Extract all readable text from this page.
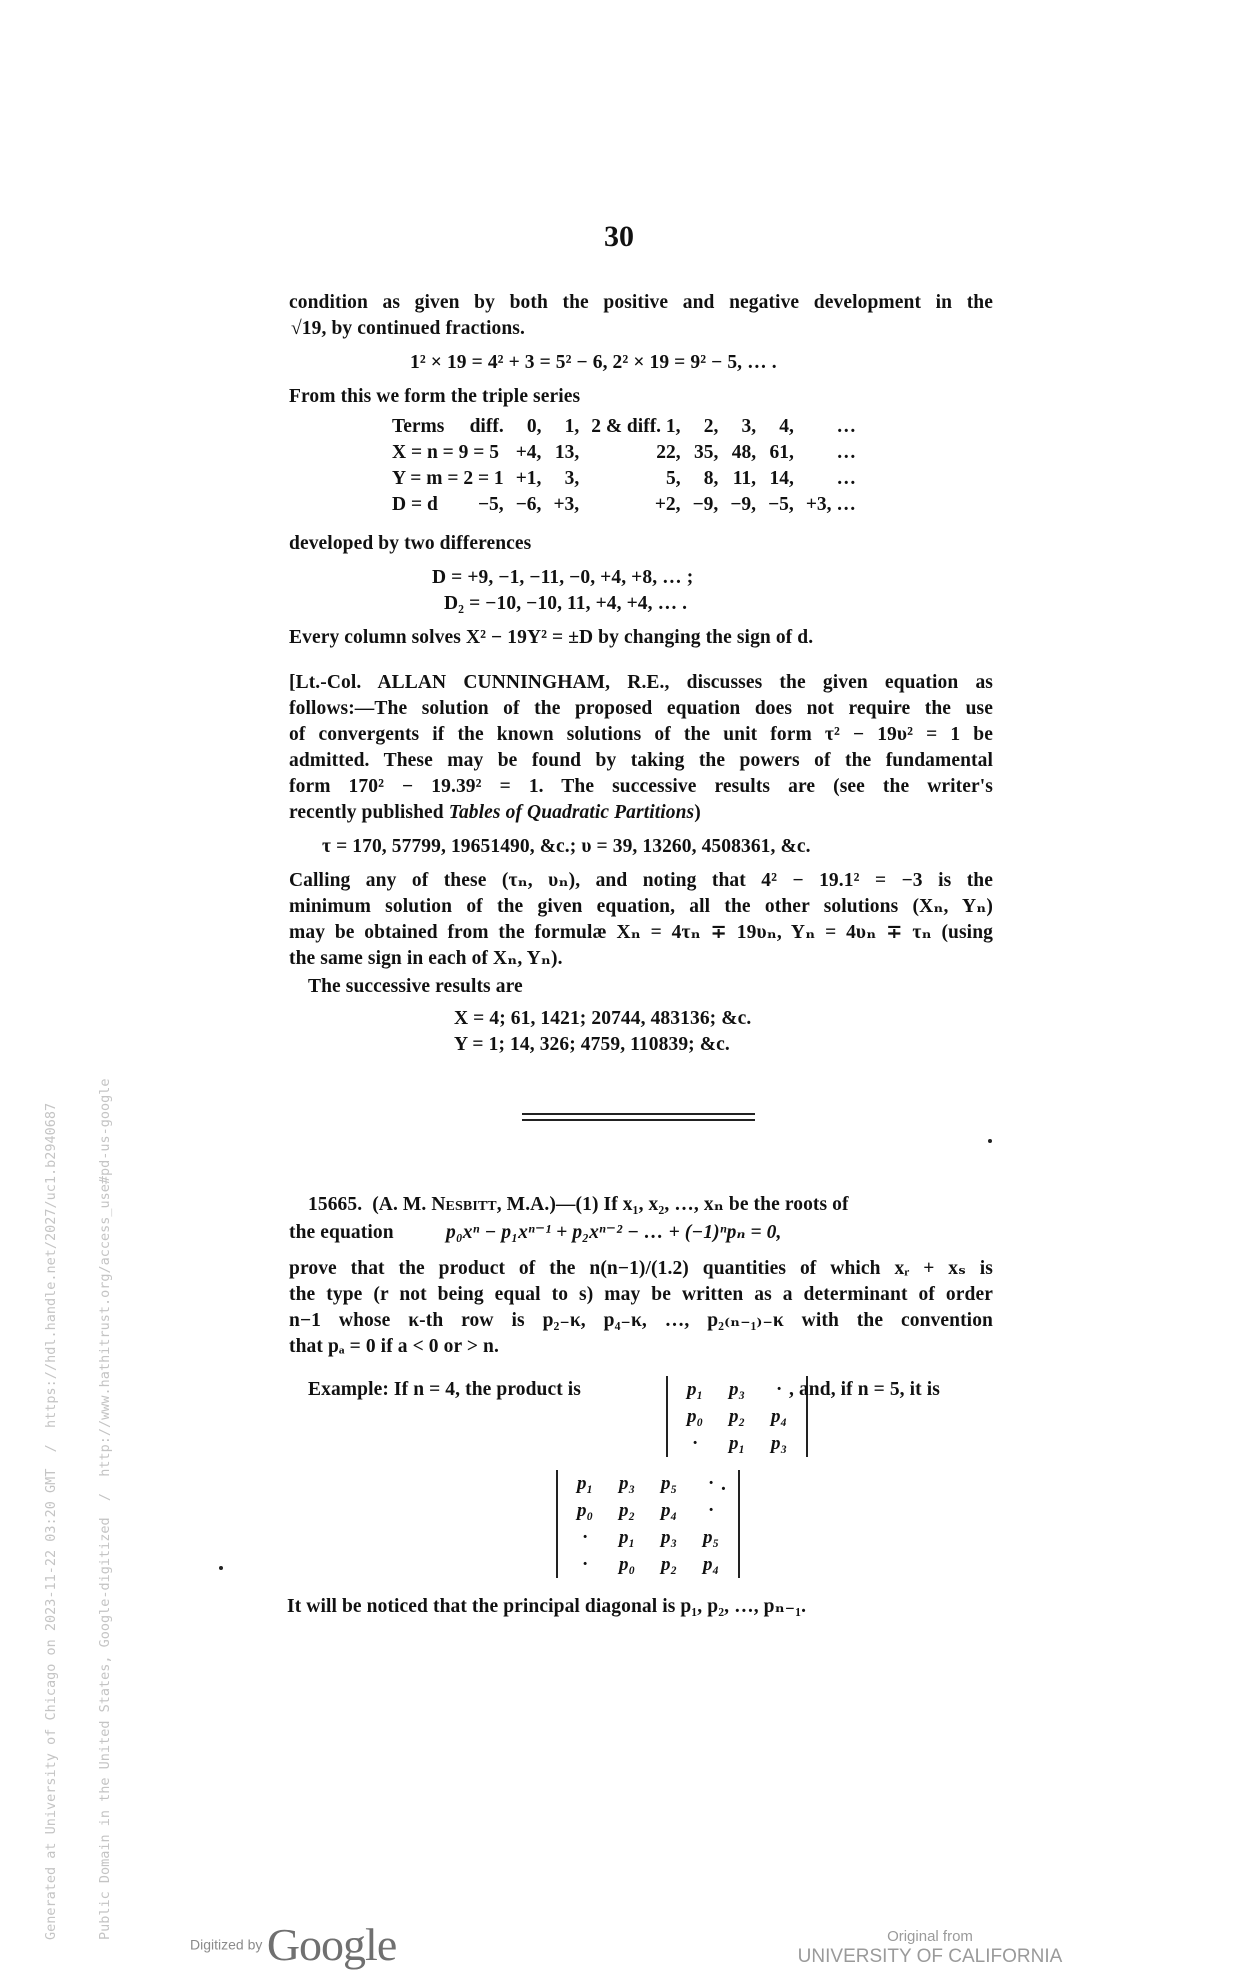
30
condition as given by both the positive and negative development in the
√19, by continued fractions.
1² × 19 = 4² + 3 = 5² − 6, 2² × 19 = 9² − 5, … .
From this we form the triple series
Terms	diff.	0,	1,	2 & diff. 1,	2,	3,	4,	…
X = n = 9 = 5		+4,	13,	22,	35,	48,	61,	…
Y = m = 2 = 1		+1,	3,	5,	8,	11,	14,	…
D = d	−5,	−6,	+3,	+2,	−9,	−9,	−5,	+3, …
developed by two differences
D = +9, −1, −11, −0, +4, +8, … ;
D₂ = −10, −10, 11, +4, +4, … .
Every column solves X² − 19Y² = ±D by changing the sign of d.
[Lt.-Col. ALLAN CUNNINGHAM, R.E., discusses the given equation as
follows:—The solution of the proposed equation does not require the use
of convergents if the known solutions of the unit form τ² − 19υ² = 1 be
admitted. These may be found by taking the powers of the fundamental
form 170² − 19.39² = 1. The successive results are (see the writer's
recently published Tables of Quadratic Partitions)
τ = 170, 57799, 19651490, &c.; υ = 39, 13260, 4508361, &c.
Calling any of these (τₙ, υₙ), and noting that 4² − 19.1² = −3 is the
minimum solution of the given equation, all the other solutions (Xₙ, Yₙ)
may be obtained from the formulæ Xₙ = 4τₙ ∓ 19υₙ, Yₙ = 4υₙ ∓ τₙ (using
the same sign in each of Xₙ, Yₙ).
The successive results are
X = 4; 61, 1421; 20744, 483136; &c.
Y = 1; 14, 326; 4759, 110839; &c.
15665. (A. M. Nesbitt, M.A.)—(1) If x₁, x₂, …, xₙ be the roots of
the equation	p₀xⁿ − p₁xⁿ⁻¹ + p₂xⁿ⁻² − … + (−1)ⁿpₙ = 0,
prove that the product of the n(n−1)/(1.2) quantities of which xᵣ + xₛ is
the type (r not being equal to s) may be written as a determinant of order
n−1 whose κ-th row is p₂₋κ, p₄₋κ, …, p₂₍ₙ₋₁₎₋κ with the convention
that pₐ = 0 if a < 0 or > n.
Example: If n = 4, the product is	p₁	p₃	·
p₀	p₂	p₄
·	p₁	p₃
, and, if n = 5, it is
p₁	p₃	p₅	·
p₀	p₂	p₄	·
·	p₁	p₃	p₅
·	p₀	p₂	p₄
.
It will be noticed that the principal diagonal is p₁, p₂, …, pₙ₋₁.

Generated at University of Chicago on 2023-11-22 03:20 GMT  /  https://hdl.handle.net/2027/uc1.b2940687

	Public Domain in the United States, Google-digitized  /  http://www.hathitrust.org/access_use#pd-us-google

Digitized by Google	Original from
UNIVERSITY OF CALIFORNIA
